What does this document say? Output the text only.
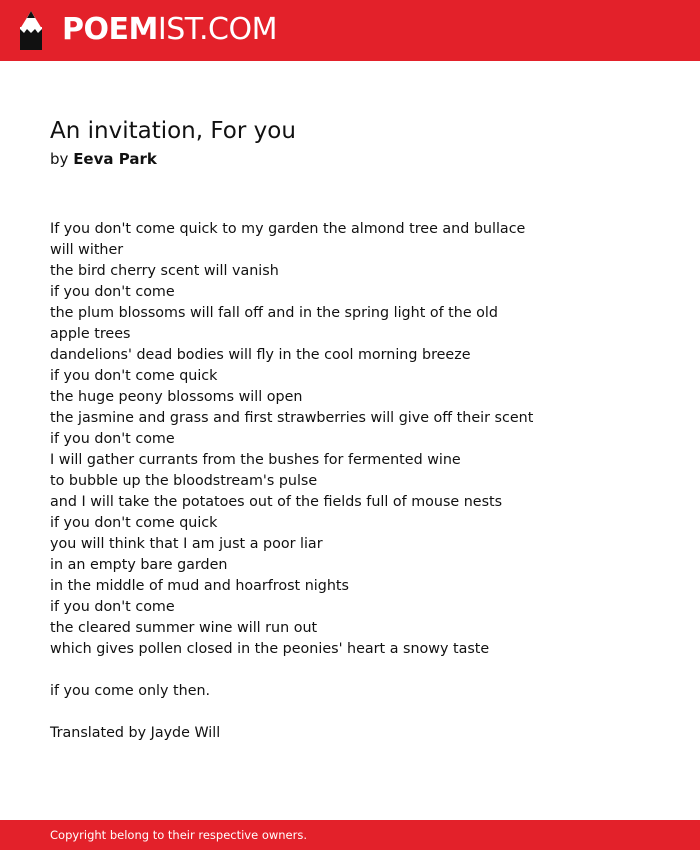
POEMIST.COM
An invitation, For you
by Eeva Park
If you don't come quick to my garden the almond tree and bullace will wither
the bird cherry scent will vanish
if you don't come
the plum blossoms will fall off and in the spring light of the old apple trees
dandelions' dead bodies will fly in the cool morning breeze
if you don't come quick
the huge peony blossoms will open
the jasmine and grass and first strawberries will give off their scent
if you don't come
I will gather currants from the bushes for fermented wine
to bubble up the bloodstream's pulse
and I will take the potatoes out of the fields full of mouse nests
if you don't come quick
you will think that I am just a poor liar
in an empty bare garden
in the middle of mud and hoarfrost nights
if you don't come
the cleared summer wine will run out
which gives pollen closed in the peonies' heart a snowy taste
if you come only then.
Translated by Jayde Will
Copyright belong to their respective owners.
